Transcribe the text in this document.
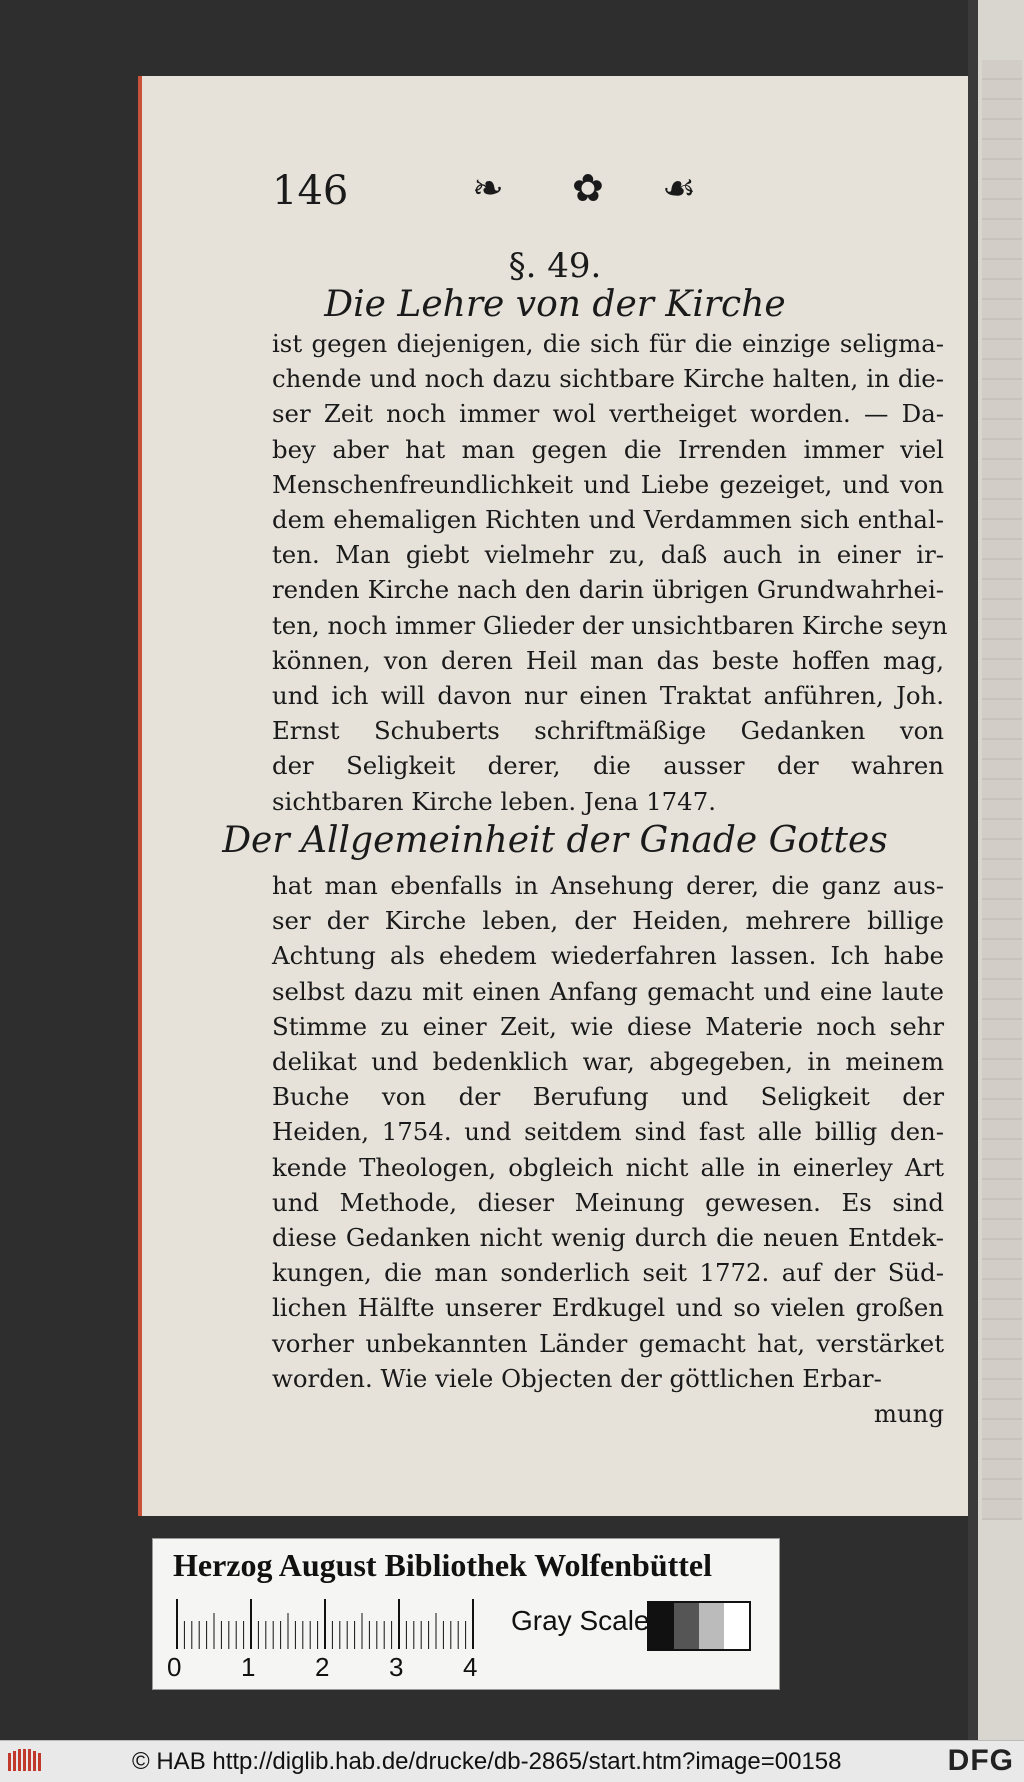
146	❧ ✿ ☙
§. 49.
Die Lehre von der Kirche
ist gegen diejenigen, die sich für die einzige seligma-
chende und noch dazu sichtbare Kirche halten, in die-
ser Zeit noch immer wol vertheiget worden. — Da-
bey aber hat man gegen die Irrenden immer viel
Menschenfreundlichkeit und Liebe gezeiget, und von
dem ehemaligen Richten und Verdammen sich enthal-
ten. Man giebt vielmehr zu, daß auch in einer ir-
renden Kirche nach den darin übrigen Grundwahrhei-
ten, noch immer Glieder der unsichtbaren Kirche seyn
können, von deren Heil man das beste hoffen mag,
und ich will davon nur einen Traktat anführen, Joh.
Ernst Schuberts schriftmäßige Gedanken von
der Seligkeit derer, die ausser der wahren
sichtbaren Kirche leben. Jena 1747.
Der Allgemeinheit der Gnade Gottes
hat man ebenfalls in Ansehung derer, die ganz aus-
ser der Kirche leben, der Heiden, mehrere billige
Achtung als ehedem wiederfahren lassen. Ich habe
selbst dazu mit einen Anfang gemacht und eine laute
Stimme zu einer Zeit, wie diese Materie noch sehr
delikat und bedenklich war, abgegeben, in meinem
Buche von der Berufung und Seligkeit der
Heiden, 1754. und seitdem sind fast alle billig den-
kende Theologen, obgleich nicht alle in einerley Art
und Methode, dieser Meinung gewesen. Es sind
diese Gedanken nicht wenig durch die neuen Entdek-
kungen, die man sonderlich seit 1772. auf der Süd-
lichen Hälfte unserer Erdkugel und so vielen großen
vorher unbekannten Länder gemacht hat, verstärket
worden. Wie viele Objecten der göttlichen Erbar-
mung
Herzog August Bibliothek Wolfenbüttel
0 1 2 3 4
Gray Scale
© HAB http://diglib.hab.de/drucke/db-2865/start.htm?image=00158	DFG
